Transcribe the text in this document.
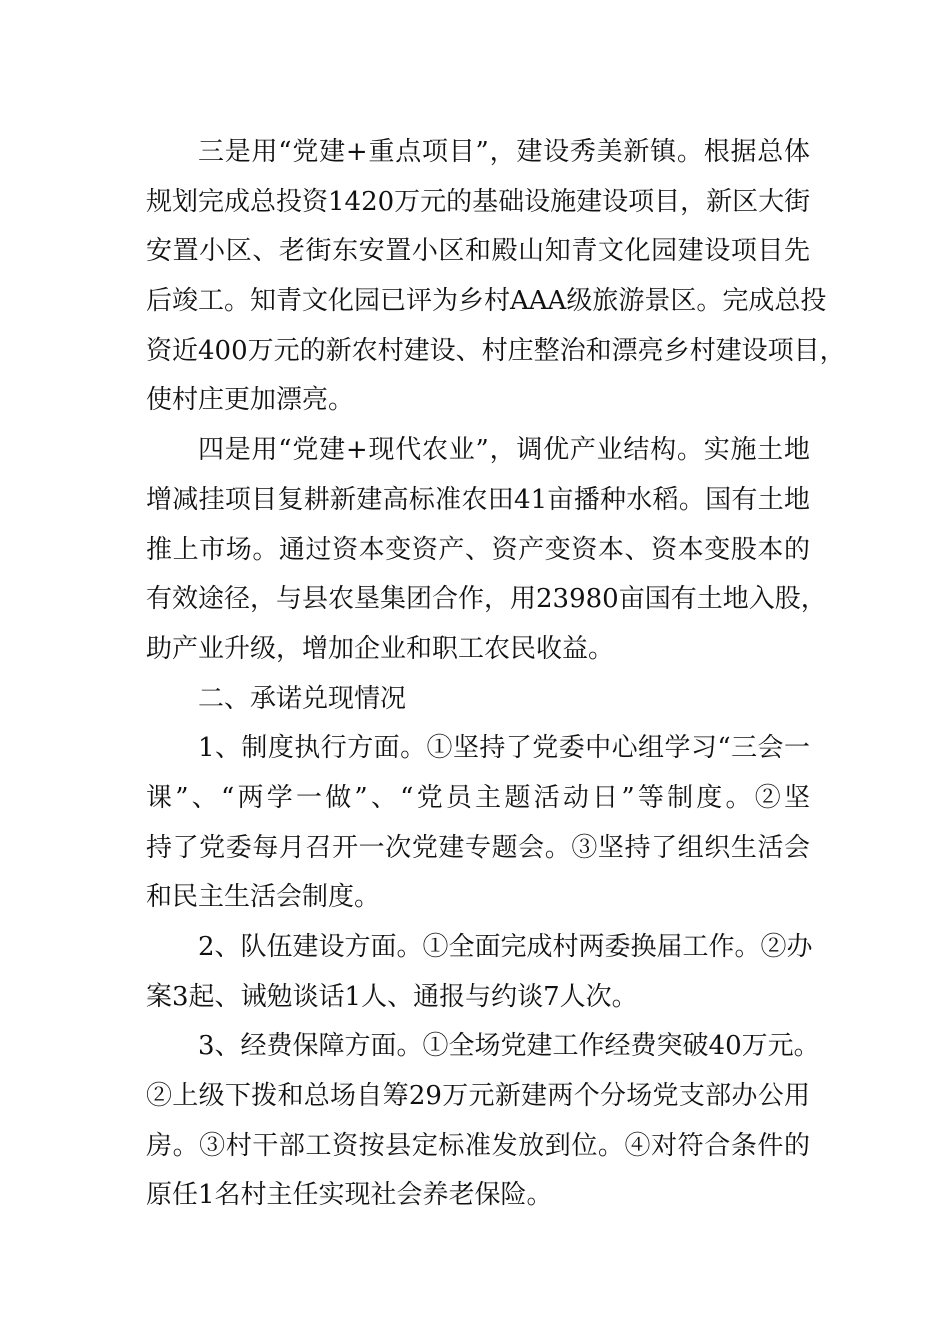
三是用“党建+重点项目”，建设秀美新镇。根据总体
规划完成总投资1420万元的基础设施建设项目，新区大街
安置小区、老街东安置小区和殿山知青文化园建设项目先
后竣工。知青文化园已评为乡村AAA级旅游景区。完成总投
资近400万元的新农村建设、村庄整治和漂亮乡村建设项目，
使村庄更加漂亮。
四是用“党建+现代农业”，调优产业结构。实施土地
增减挂项目复耕新建高标准农田41亩播种水稻。国有土地
推上市场。通过资本变资产、资产变资本、资本变股本的
有效途径，与县农垦集团合作，用23980亩国有土地入股，
助产业升级，增加企业和职工农民收益。
二、承诺兑现情况
1、制度执行方面。①坚持了党委中心组学习“三会一
课”、“两学一做”、“党员主题活动日”等制度。②坚
持了党委每月召开一次党建专题会。③坚持了组织生活会
和民主生活会制度。
2、队伍建设方面。①全面完成村两委换届工作。②办
案3起、诫勉谈话1人、通报与约谈7人次。
3、经费保障方面。①全场党建工作经费突破40万元。
②上级下拨和总场自筹29万元新建两个分场党支部办公用
房。③村干部工资按县定标准发放到位。④对符合条件的
原任1名村主任实现社会养老保险。
